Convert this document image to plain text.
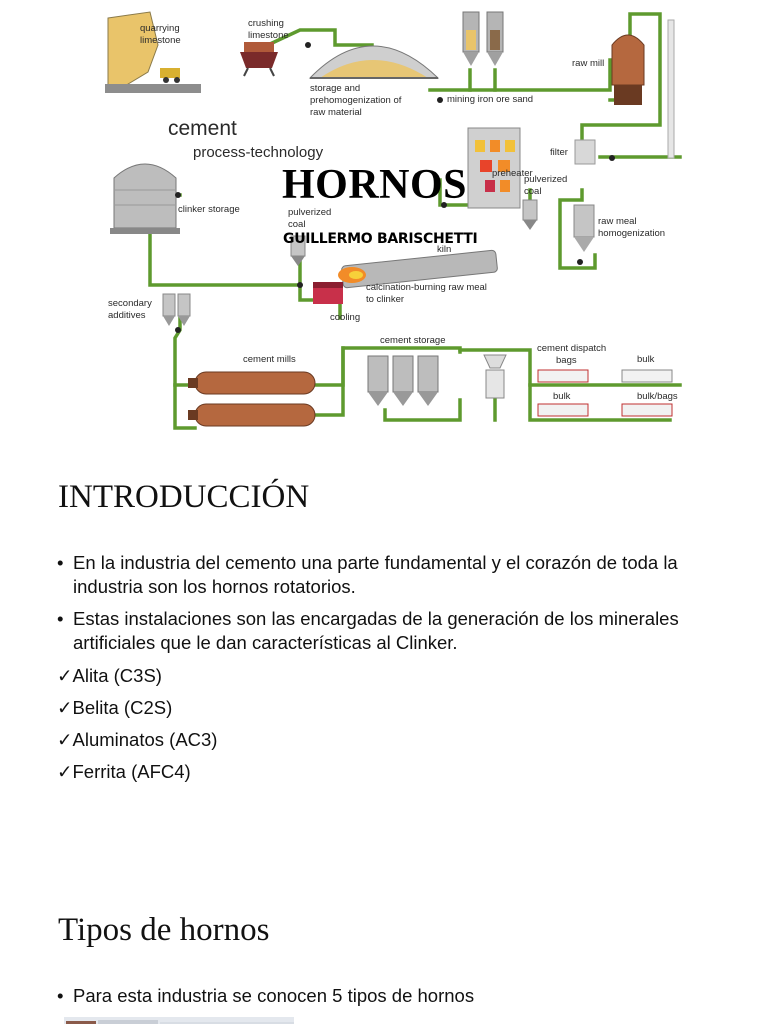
quarrying limestone
crushing limestone
storage and prehomogenization of raw material
mining iron ore sand
raw mill
filter
pulverized coal
preheater
clinker storage	pulverized coal
kiln
raw meal homogenization
calcination-burning raw meal to clinker
cooling
secondary additives
cement mills
cement storage
cement dispatch bags	bulk
bulk	bulk/bags
cement
process-technology
HORNOS
GUILLERMO BARISCHETTI
INTRODUCCIÓN
• En la industria del cemento una parte fundamental y el corazón de toda la industria son los hornos rotatorios.
• Estas instalaciones son las encargadas de la generación de los minerales artificiales que le dan características al Clinker.
✓Alita (C3S)
✓Belita (C2S)
✓Aluminatos (AC3)
✓Ferrita (AFC4)
Tipos de hornos
• Para esta industria se conocen 5 tipos de hornos
